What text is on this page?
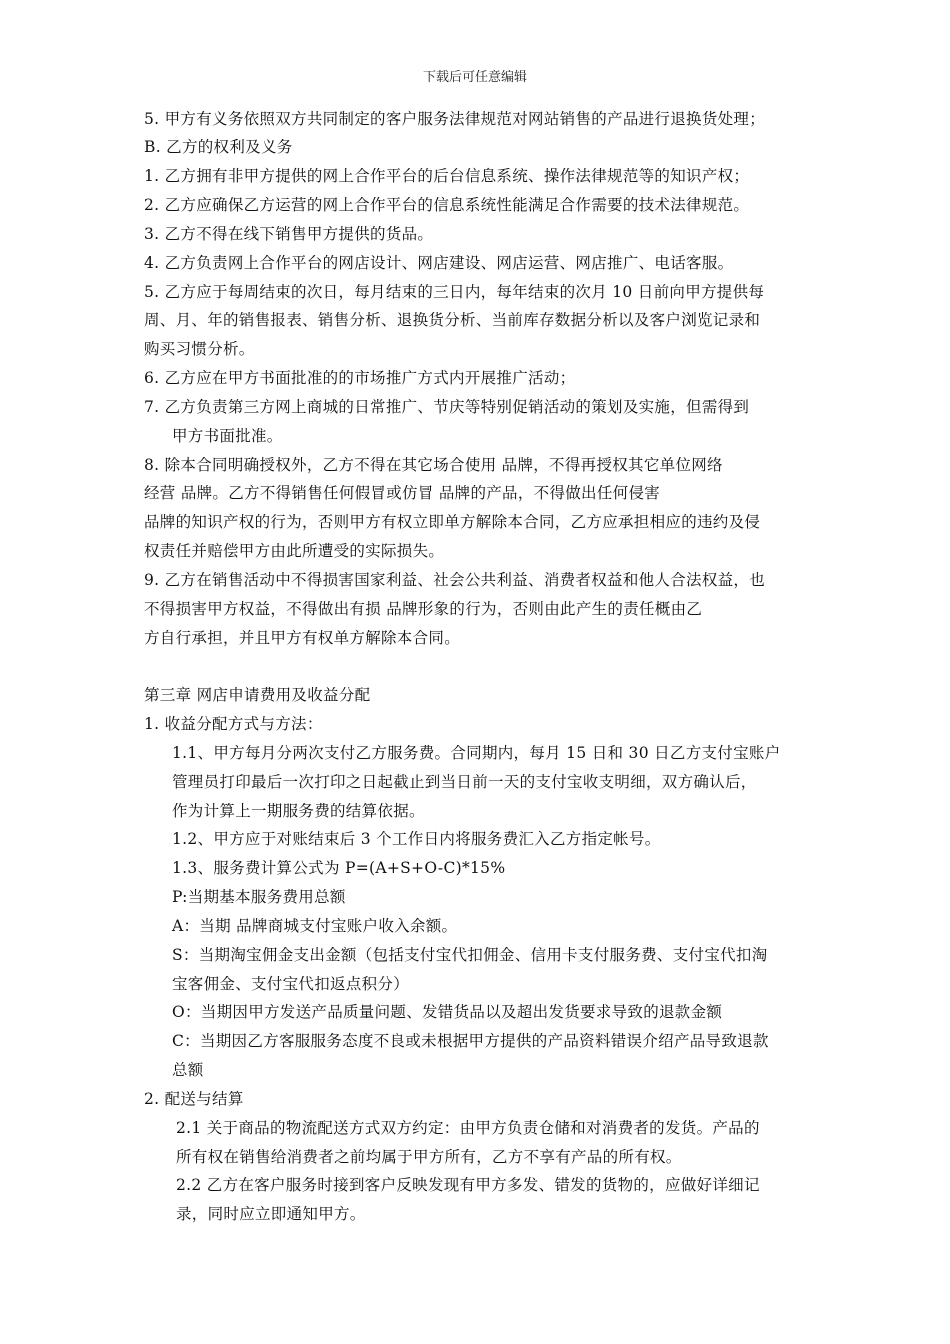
下载后可任意编辑
5. 甲方有义务依照双方共同制定的客户服务法律规范对网站销售的产品进行退换货处理；
B. 乙方的权利及义务
1. 乙方拥有非甲方提供的网上合作平台的后台信息系统、操作法律规范等的知识产权；
2. 乙方应确保乙方运营的网上合作平台的信息系统性能满足合作需要的技术法律规范。
3. 乙方不得在线下销售甲方提供的货品。
4. 乙方负责网上合作平台的网店设计、网店建设、网店运营、网店推广、电话客服。
5. 乙方应于每周结束的次日，每月结束的三日内，每年结束的次月 10 日前向甲方提供每
周、月、年的销售报表、销售分析、退换货分析、当前库存数据分析以及客户浏览记录和
购买习惯分析。
6. 乙方应在甲方书面批准的的市场推广方式内开展推广活动；
7. 乙方负责第三方网上商城的日常推广、节庆等特别促销活动的策划及实施，但需得到
甲方书面批准。
8. 除本合同明确授权外，乙方不得在其它场合使用 品牌，不得再授权其它单位网络
经营 品牌。乙方不得销售任何假冒或仿冒 品牌的产品，不得做出任何侵害
品牌的知识产权的行为，否则甲方有权立即单方解除本合同，乙方应承担相应的违约及侵
权责任并赔偿甲方由此所遭受的实际损失。
9. 乙方在销售活动中不得损害国家利益、社会公共利益、消费者权益和他人合法权益，也
不得损害甲方权益，不得做出有损 品牌形象的行为，否则由此产生的责任概由乙
方自行承担，并且甲方有权单方解除本合同。
第三章 网店申请费用及收益分配
1. 收益分配方式与方法：
1.1、甲方每月分两次支付乙方服务费。合同期内，每月 15 日和 30 日乙方支付宝账户
管理员打印最后一次打印之日起截止到当日前一天的支付宝收支明细，双方确认后，
作为计算上一期服务费的结算依据。
1.2、甲方应于对账结束后 3 个工作日内将服务费汇入乙方指定帐号。
1.3、服务费计算公式为 P=(A+S+O-C)*15%
P:当期基本服务费用总额
A：当期 品牌商城支付宝账户收入余额。
S：当期淘宝佣金支出金额（包括支付宝代扣佣金、信用卡支付服务费、支付宝代扣淘
宝客佣金、支付宝代扣返点积分）
O：当期因甲方发送产品质量问题、发错货品以及超出发货要求导致的退款金额
C：当期因乙方客服服务态度不良或未根据甲方提供的产品资料错误介绍产品导致退款
总额
2. 配送与结算
2.1 关于商品的物流配送方式双方约定：由甲方负责仓储和对消费者的发货。产品的
所有权在销售给消费者之前均属于甲方所有，乙方不享有产品的所有权。
2.2 乙方在客户服务时接到客户反映发现有甲方多发、错发的货物的，应做好详细记
录，同时应立即通知甲方。
